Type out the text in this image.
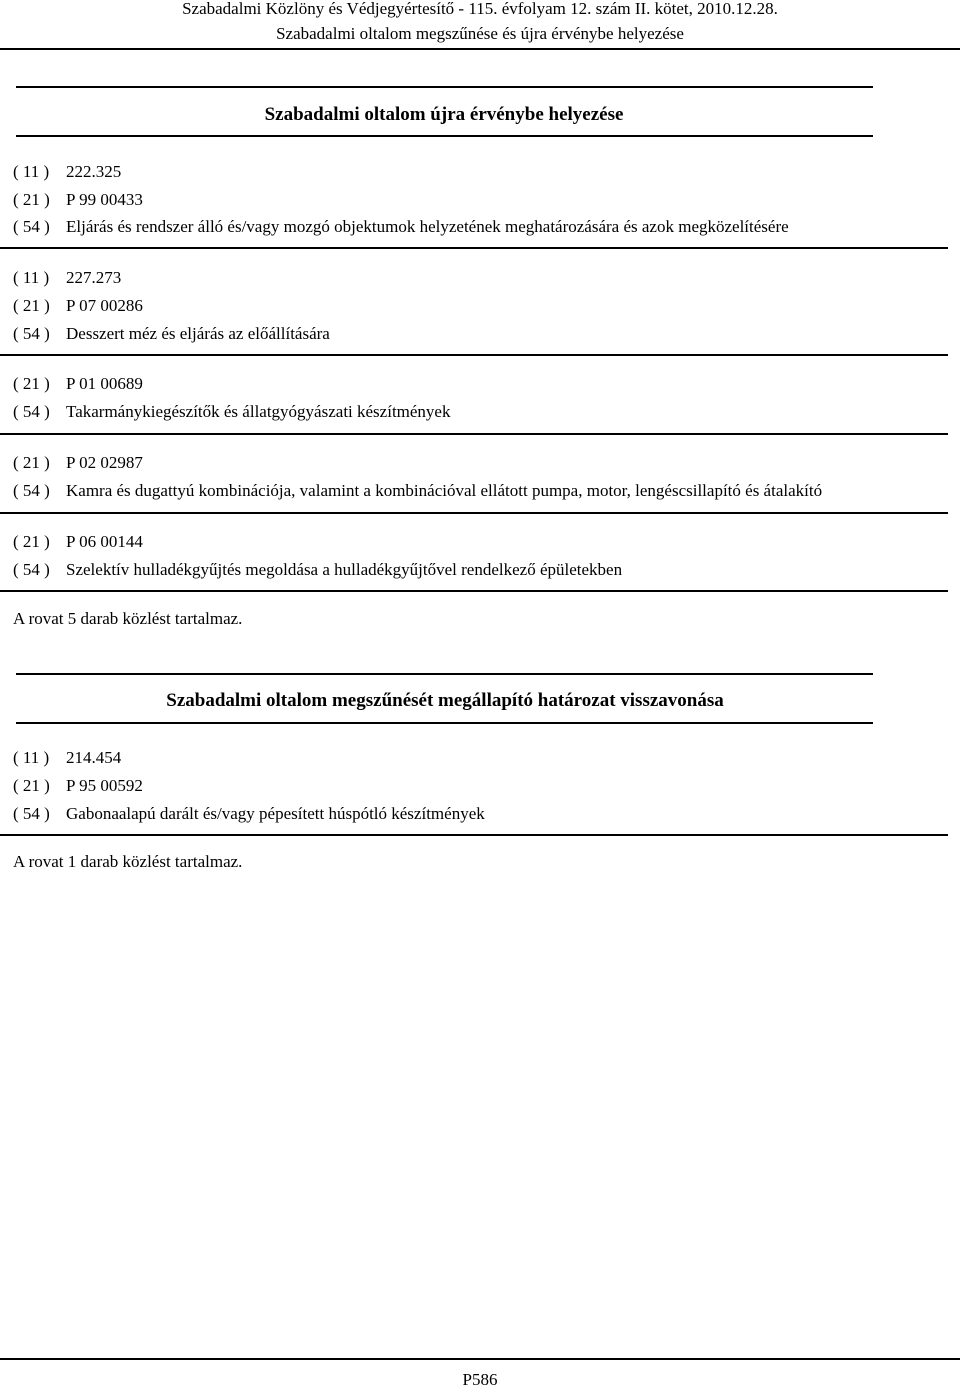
Szabadalmi Közlöny és Védjegyértesítő - 115. évfolyam 12. szám II. kötet, 2010.12.28.
Szabadalmi oltalom megszűnése és újra érvénybe helyezése
Szabadalmi oltalom újra érvénybe helyezése
( 11 ) 222.325
( 21 ) P 99 00433
( 54 ) Eljárás és rendszer álló és/vagy mozgó objektumok helyzetének meghatározására és azok megközelítésére
( 11 ) 227.273
( 21 ) P 07 00286
( 54 ) Desszert méz és eljárás az előállítására
( 21 ) P 01 00689
( 54 ) Takarmánykiegészítők és állatgyógyászati készítmények
( 21 ) P 02 02987
( 54 ) Kamra és dugattyú kombinációja, valamint a kombinációval ellátott pumpa, motor, lengéscsillapító és átalakító
( 21 ) P 06 00144
( 54 ) Szelektív hulladékgyűjtés megoldása a hulladékgyűjtővel rendelkező épületekben
A rovat 5 darab közlést tartalmaz.
Szabadalmi oltalom megszűnését megállapító határozat visszavonása
( 11 ) 214.454
( 21 ) P 95 00592
( 54 ) Gabonaalapú darált és/vagy pépesített húspótló készítmények
A rovat 1 darab közlést tartalmaz.
P586
